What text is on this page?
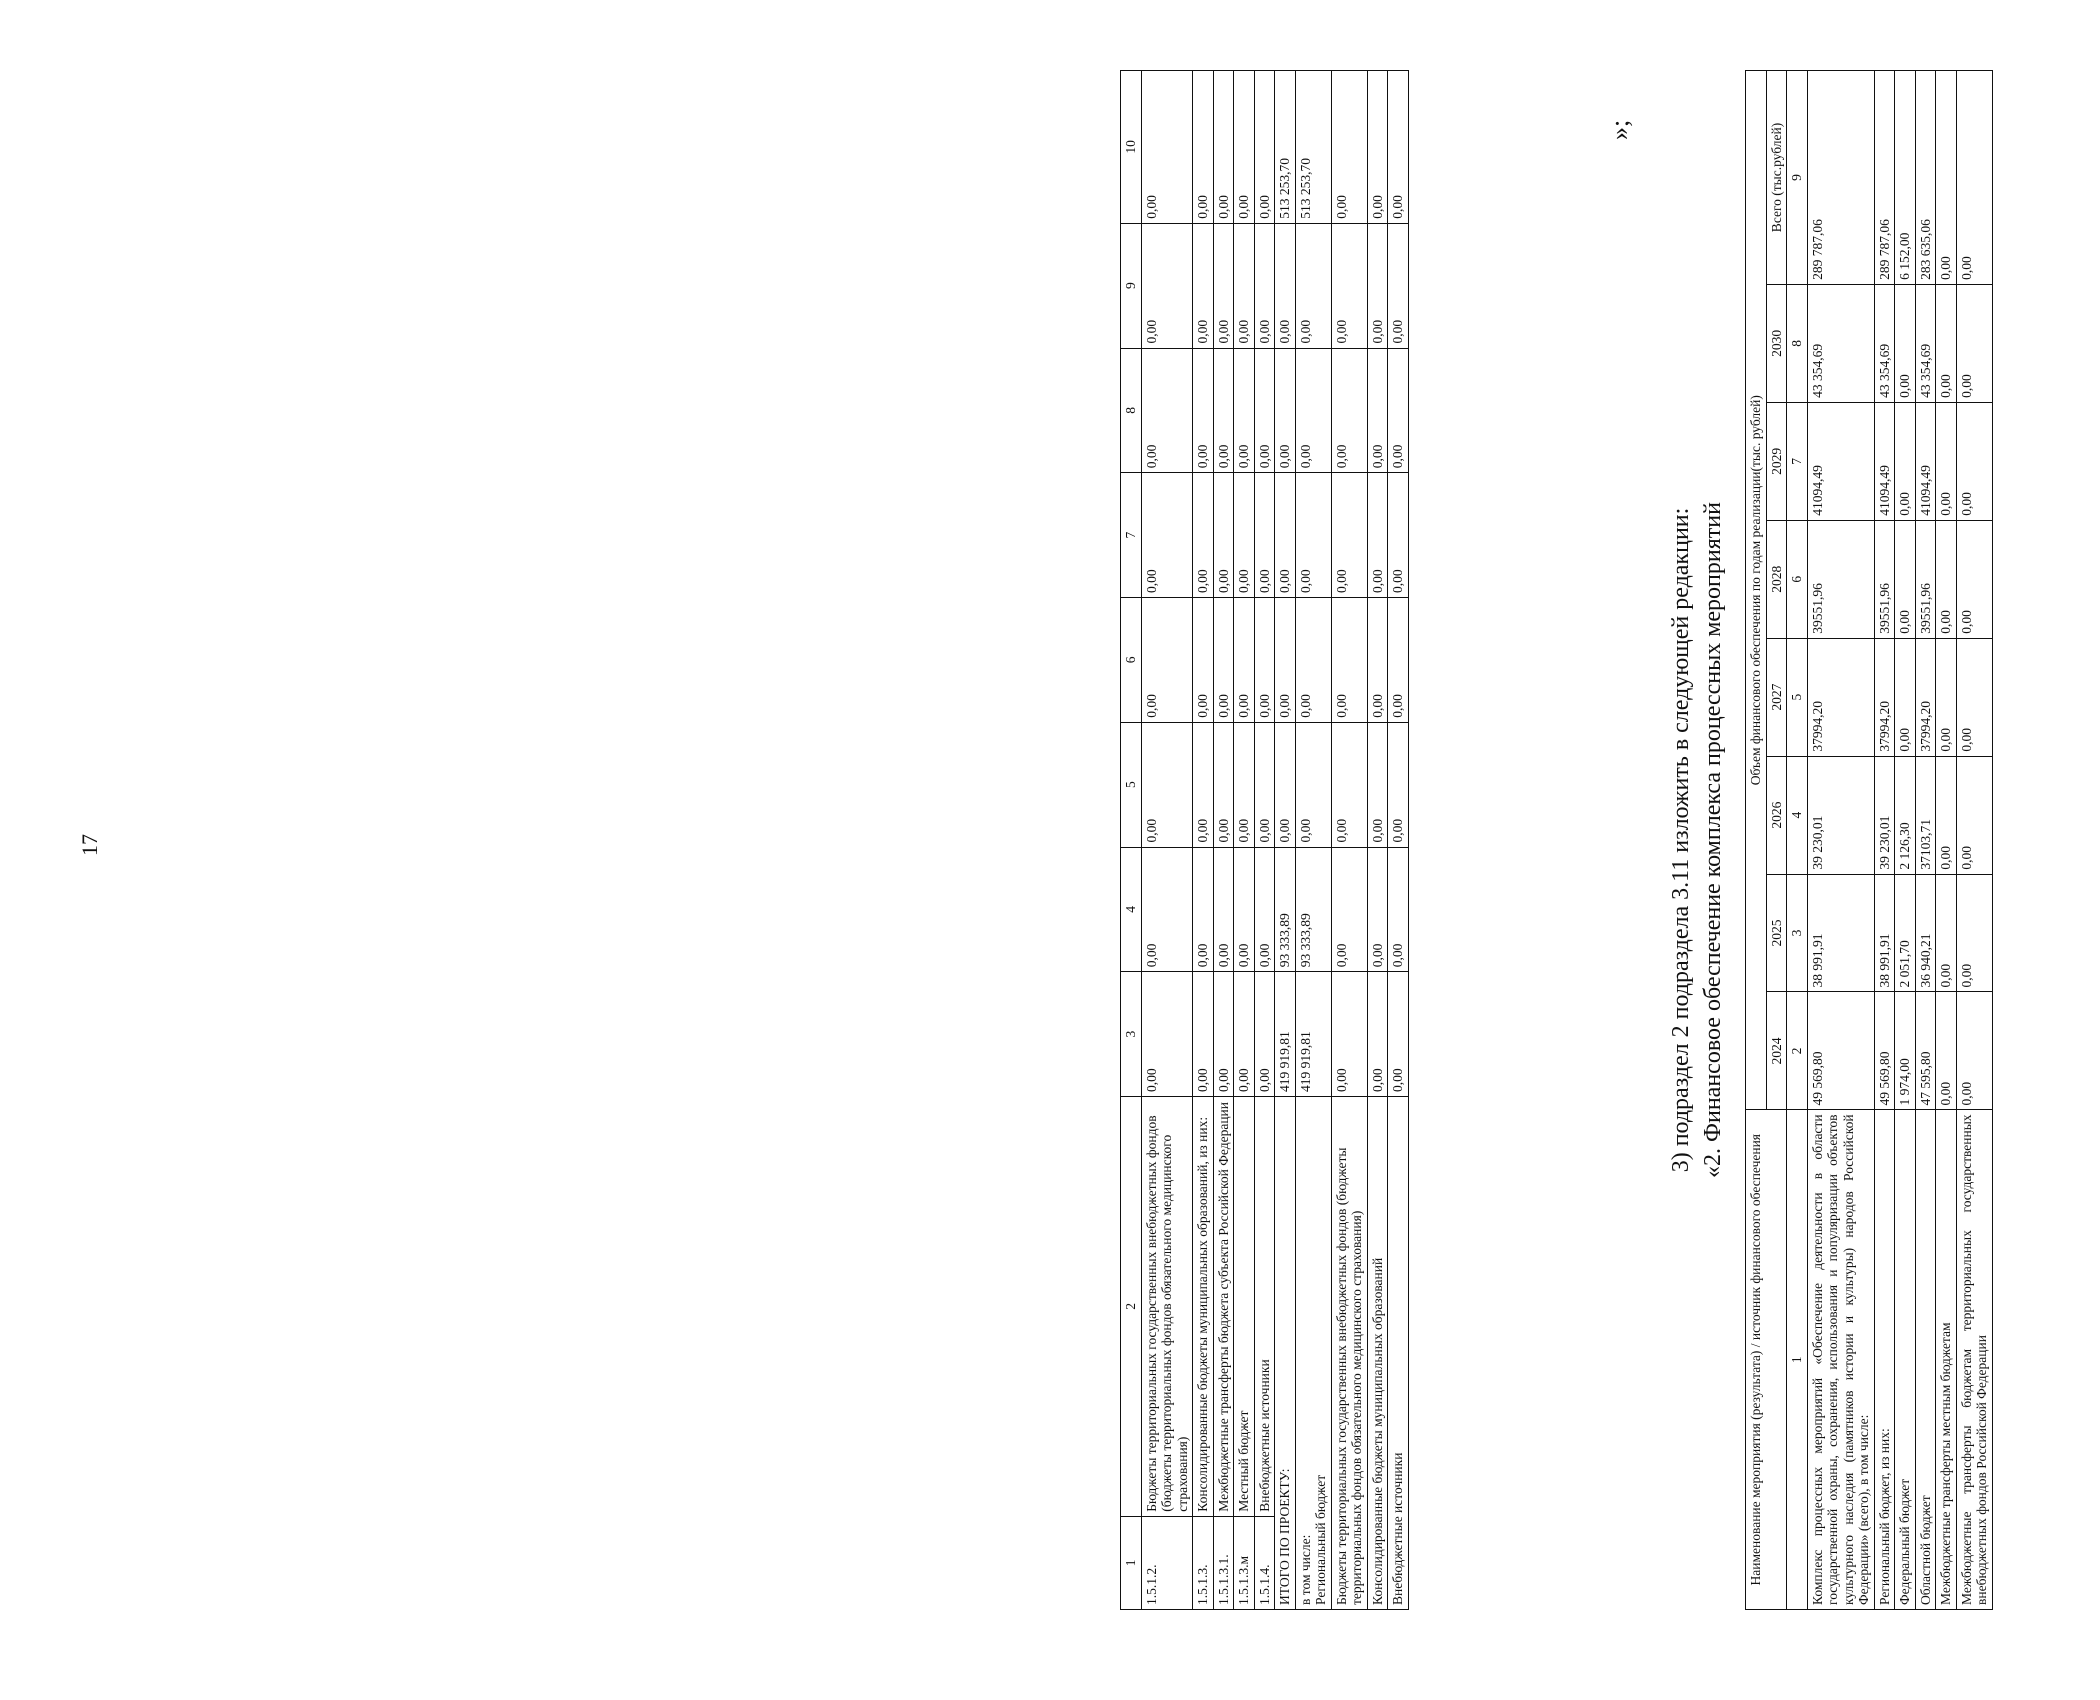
17
1	2	3	4	5	6	7	8	9	10
1.5.1.2.	Бюджеты территориальных государственных внебюджетных фондов (бюджеты территориальных фондов обязательного медицинского страхования)	0,00	0,00	0,00	0,00	0,00	0,00	0,00	0,00
1.5.1.3.	Консолидированные бюджеты муниципальных образований, из них:	0,00	0,00	0,00	0,00	0,00	0,00	0,00	0,00
1.5.1.3.1.	Межбюджетные трансферты бюджета субъекта Российской Федерации	0,00	0,00	0,00	0,00	0,00	0,00	0,00	0,00
1.5.1.3.м	Местный бюджет	0,00	0,00	0,00	0,00	0,00	0,00	0,00	0,00
1.5.1.4.	Внебюджетные источники	0,00	0,00	0,00	0,00	0,00	0,00	0,00	0,00
ИТОГО ПО ПРОЕКТУ:		419 919,81	93 333,89	0,00	0,00	0,00	0,00	0,00	513 253,70
в том числе:
Региональный бюджет		419 919,81	93 333,89	0,00	0,00	0,00	0,00	0,00	513 253,70
Бюджеты территориальных государственных внебюджетных фондов (бюджеты территориальных фондов обязательного медицинского страхования)		0,00	0,00	0,00	0,00	0,00	0,00	0,00	0,00
Консолидированные бюджеты муниципальных образований		0,00	0,00	0,00	0,00	0,00	0,00	0,00	0,00
Внебюджетные источники		0,00	0,00	0,00	0,00	0,00	0,00	0,00	0,00
»;
3) подраздел 2 подраздела 3.11 изложить в следующей редакции: «2. Финансовое обеспечение комплекса процессных мероприятий
Наименование мероприятия (результата) / источник финансового обеспечения	Объем финансового обеспечения по годам реализации(тыс. рублей)							
	2024	2025	2026	2027	2028	2029	2030	Всего (тыс.рублей)
1	2	3	4	5	6	7	8	9
Комплекс процессных мероприятий «Обеспечение деятельности в области государственной охраны, сохранения, использования и популяризации объектов культурного наследия (памятников истории и культуры) народов Российской Федерации» (всего), в том числе:	49 569,80	38 991,91	39 230,01	37994,20	39551,96	41094,49	43 354,69	289 787,06
Региональный бюджет, из них:	49 569,80	38 991,91	39 230,01	37994,20	39551,96	41094,49	43 354,69	289 787,06
Федеральный бюджет	1 974,00	2 051,70	2 126,30	0,00	0,00	0,00	0,00	6 152,00
Областной бюджет	47 595,80	36 940,21	37103,71	37994,20	39551,96	41094,49	43 354,69	283 635,06
Межбюджетные трансферты местным бюджетам	0,00	0,00	0,00	0,00	0,00	0,00	0,00	0,00
Межбюджетные трансферты бюджетам территориальных государственных внебюджетных фондов Российской Федерации	0,00	0,00	0,00	0,00	0,00	0,00	0,00	0,00
